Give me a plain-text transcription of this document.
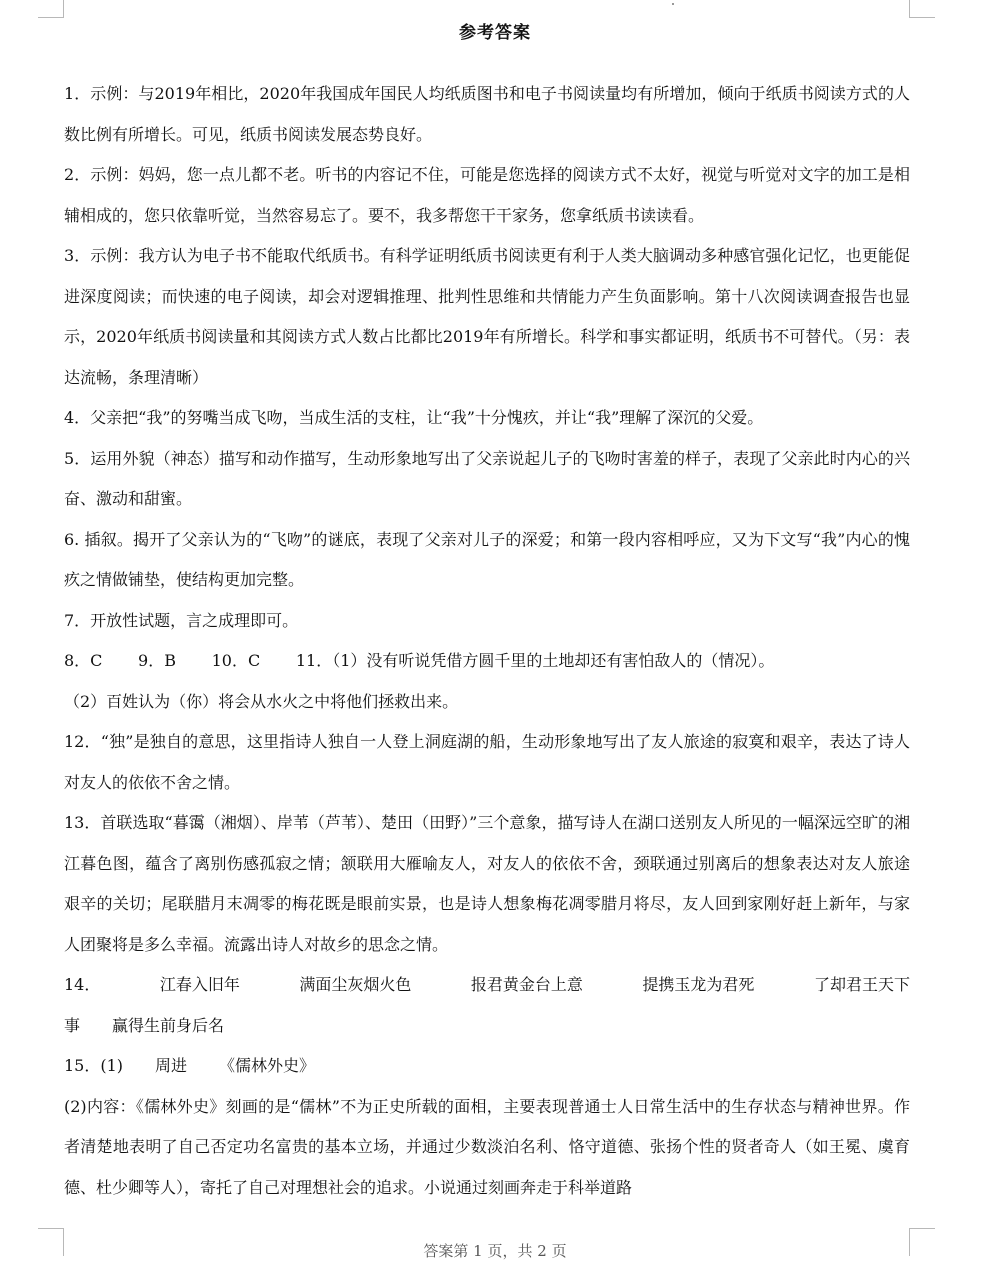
参考答案

1．示例：与2019年相比，2020年我国成年国民人均纸质图书和电子书阅读量均有所增加，倾向于纸质书阅读方式的人数比例有所增长。可见，纸质书阅读发展态势良好。

2．示例：妈妈，您一点儿都不老。听书的内容记不住，可能是您选择的阅读方式不太好，视觉与听觉对文字的加工是相辅相成的，您只依靠听觉，当然容易忘了。要不，我多帮您干干家务，您拿纸质书读读看。

3．示例：我方认为电子书不能取代纸质书。有科学证明纸质书阅读更有利于人类大脑调动多种感官强化记忆，也更能促进深度阅读；而快速的电子阅读，却会对逻辑推理、批判性思维和共情能力产生负面影响。第十八次阅读调查报告也显示，2020年纸质书阅读量和其阅读方式人数占比都比2019年有所增长。科学和事实都证明，纸质书不可替代。（另：表达流畅，条理清晰）

4．父亲把“我”的努嘴当成飞吻，当成生活的支柱，让“我”十分愧疚，并让“我”理解了深沉的父爱。

5．运用外貌（神态）描写和动作描写，生动形象地写出了父亲说起儿子的飞吻时害羞的样子，表现了父亲此时内心的兴奋、激动和甜蜜。

6. 插叙。揭开了父亲认为的“飞吻”的谜底，表现了父亲对儿子的深爱；和第一段内容相呼应，又为下文写“我”内心的愧疚之情做铺垫，使结构更加完整。

7．开放性试题，言之成理即可。

8．C 9．B 10．C 11．（1）没有听说凭借方圆千里的土地却还有害怕敌人的（情况）。

（2）百姓认为（你）将会从水火之中将他们拯救出来。

12．“独”是独自的意思，这里指诗人独自一人登上洞庭湖的船，生动形象地写出了友人旅途的寂寞和艰辛，表达了诗人对友人的依依不舍之情。

13．首联选取“暮霭（湘烟）、岸苇（芦苇）、楚田（田野）”三个意象，描写诗人在湖口送别友人所见的一幅深远空旷的湘江暮色图，蕴含了离别伤感孤寂之情；颔联用大雁喻友人，对友人的依依不舍，颈联通过别离后的想象表达对友人旅途艰辛的关切；尾联腊月末凋零的梅花既是眼前实景，也是诗人想象梅花凋零腊月将尽，友人回到家刚好赶上新年，与家人团聚将是多么幸福。流露出诗人对故乡的思念之情。

14．	江春入旧年	满面尘灰烟火色	报君黄金台上意	提携玉龙为君死	了却君王天下
事 赢得生前身后名
15．(1) 周进 《儒林外史》

(2)内容：《儒林外史》刻画的是“儒林”不为正史所载的面相，主要表现普通士人日常生活中的生存状态与精神世界。作者清楚地表明了自己否定功名富贵的基本立场，并通过少数淡泊名利、恪守道德、张扬个性的贤者奇人（如王冕、虞育德、杜少卿等人），寄托了自己对理想社会的追求。小说通过刻画奔走于科举道路

答案第 1 页，共 2 页
